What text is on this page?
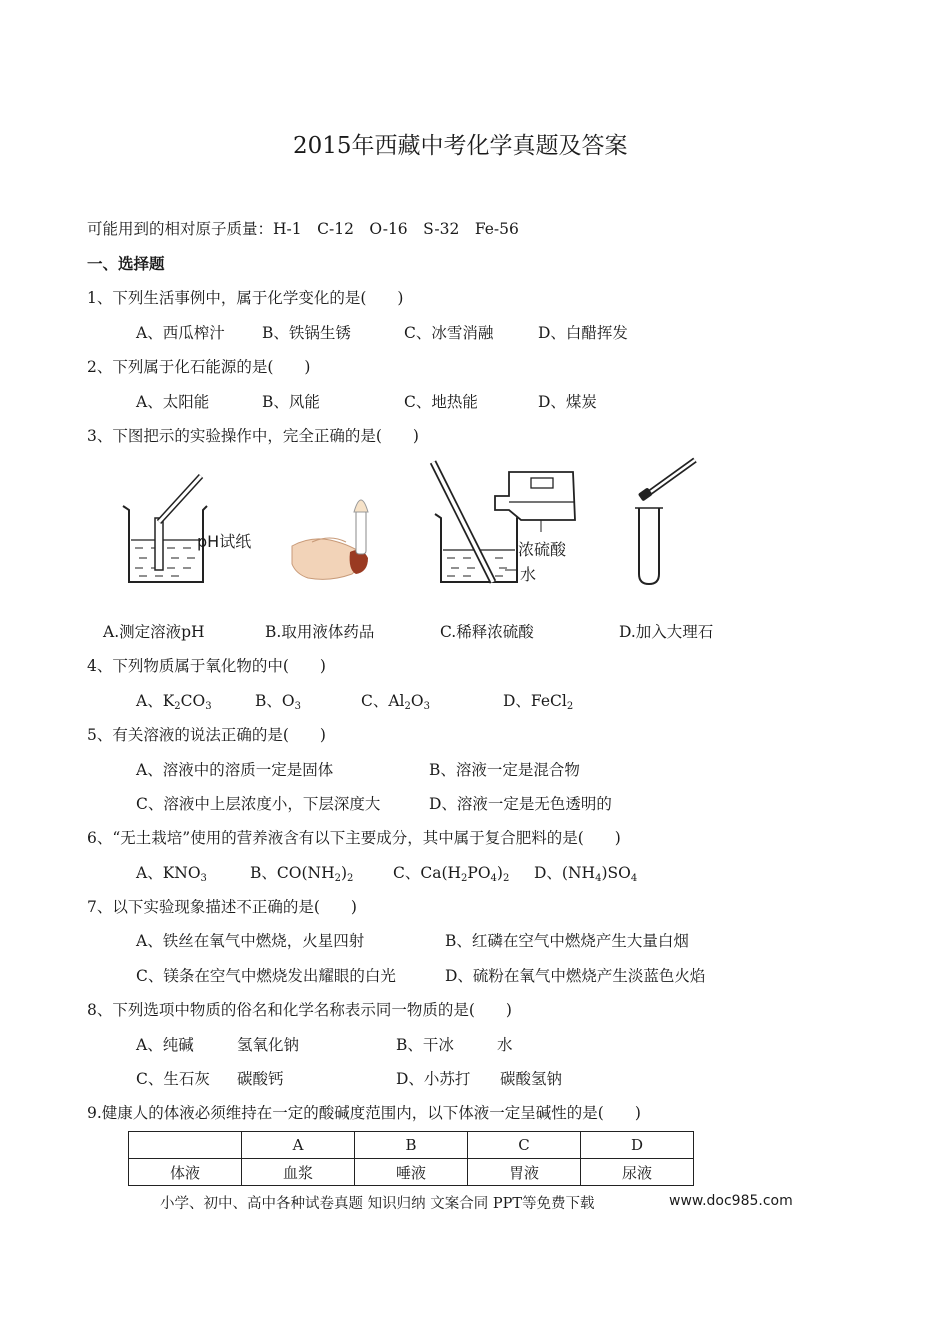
2015年西藏中考化学真题及答案
可能用到的相对原子质量：H-1　C-12　O-16　S-32　Fe-56
一、选择题
1、下列生活事例中，属于化学变化的是(　　)
A、西瓜榨汁 B、铁锅生锈	C、冰雪消融	D、白醋挥发
2、下列属于化石能源的是(　　)
A、太阳能	B、风能	C、地热能	D、煤炭
3、下图把示的实验操作中，完全正确的是(　　)
pH试纸	浓硫酸
水
A.测定溶液pH	B.取用液体药品	C.稀释浓硫酸	D.加入大理石
4、下列物质属于氧化物的中(　　)
A、$K_2CO_3$	B、$O_3$	C、$Al_2O_3$	D、FeCl$_2$
5、有关溶液的说法正确的是(　　)
A、溶液中的溶质一定是固体	B、溶液一定是混合物
C、溶液中上层浓度小，下层深度大	D、溶液一定是无色透明的
6、“无土栽培”使用的营养液含有以下主要成分，其中属于复合肥料的是(　　)
A、$KNO_3$	B、$CO(NH_2)_2$	C、$Ca(H_2PO_4)_2$ D、$(NH_4)SO_4$
7、以下实验现象描述不正确的是(　　)
A、铁丝在氧气中燃烧，火星四射	B、红磷在空气中燃烧产生大量白烟
C、镁条在空气中燃烧发出耀眼的白光	D、硫粉在氧气中燃烧产生淡蓝色火焰
8、下列选项中物质的俗名和化学名称表示同一物质的是(　　)
A、纯碱	氢氧化钠	B、干冰	水
C、生石灰 碳酸钙	D、小苏打 碳酸氢钠
9.健康人的体液必须维持在一定的酸碱度范围内，以下体液一定呈碱性的是(　　)
	A	B	C	D
体液	血浆	唾液	胃液	尿液
小学、初中、高中各种试卷真题 知识归纳 文案合同 PPT等免费下载	www.doc985.com
